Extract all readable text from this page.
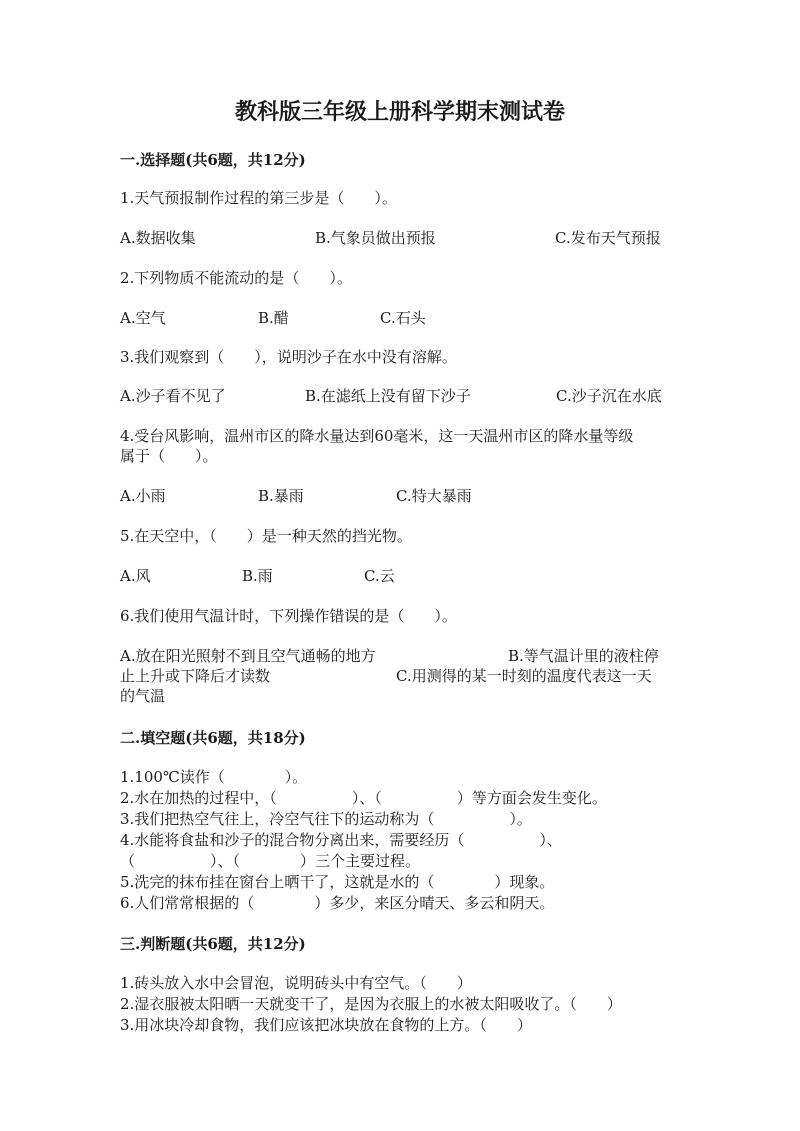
教科版三年级上册科学期末测试卷

一.选择题(共6题，共12分)

1.天气预报制作过程的第三步是（　　）。

A.数据收集	B.气象员做出预报	C.发布天气预报

2.下列物质不能流动的是（　　）。

A.空气	B.醋	C.石头

3.我们观察到（　　），说明沙子在水中没有溶解。

A.沙子看不见了	B.在滤纸上没有留下沙子	C.沙子沉在水底

4.受台风影响，温州市区的降水量达到60毫米，这一天温州市区的降水量等级

属于（　　）。

A.小雨	B.暴雨	C.特大暴雨

5.在天空中，（　　）是一种天然的挡光物。

A.风	B.雨	C.云

6.我们使用气温计时，下列操作错误的是（　　）。

A.放在阳光照射不到且空气通畅的地方	B.等气温计里的液柱停

止上升或下降后才读数	C.用测得的某一时刻的温度代表这一天

的气温

二.填空题(共6题，共18分)

1.100℃读作（　　　　）。

2.水在加热的过程中，（　　　　　）、（　　　　　）等方面会发生变化。

3.我们把热空气往上，冷空气往下的运动称为（　　　　　）。

4.水能将食盐和沙子的混合物分离出来，需要经历（　　　　　）、

（　　　　　）、（　　　　）三个主要过程。

5.洗完的抹布挂在窗台上晒干了，这就是水的（　　　　）现象。

6.人们常常根据的（　　　　）多少，来区分晴天、多云和阴天。

三.判断题(共6题，共12分)

1.砖头放入水中会冒泡，说明砖头中有空气。（　　）

2.湿衣服被太阳晒一天就变干了，是因为衣服上的水被太阳吸收了。（　　）

3.用冰块冷却食物，我们应该把冰块放在食物的上方。（　　）
